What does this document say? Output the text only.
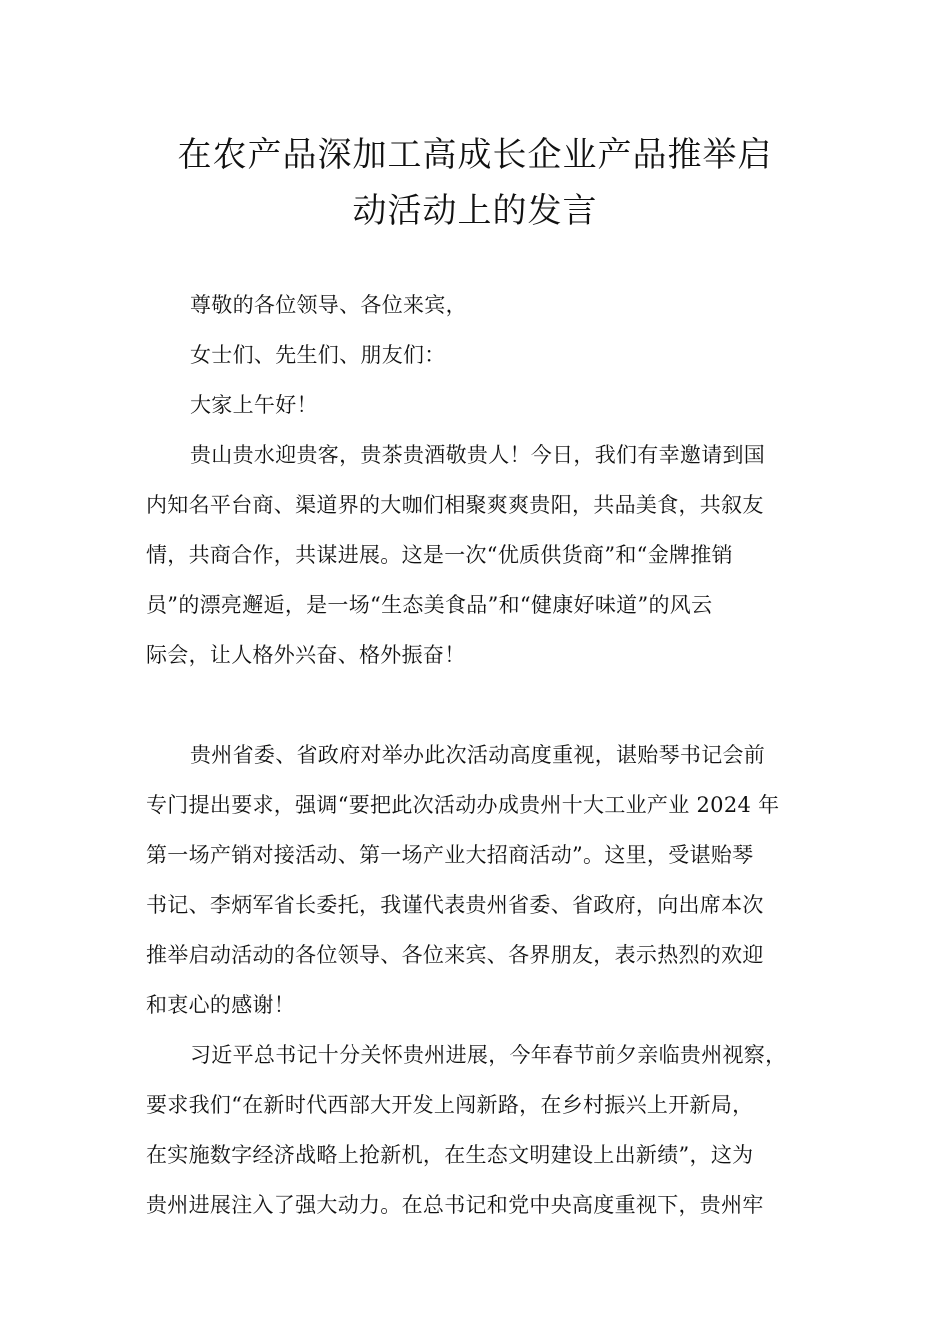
在农产品深加工高成长企业产品推举启
动活动上的发言
尊敬的各位领导、各位来宾，
女士们、先生们、朋友们：
大家上午好！
贵山贵水迎贵客，贵茶贵酒敬贵人！今日，我们有幸邀请到国
内知名平台商、渠道界的大咖们相聚爽爽贵阳，共品美食，共叙友
情，共商合作，共谋进展。这是一次“优质供货商”和“金牌推销
员”的漂亮邂逅，是一场“生态美食品”和“健康好味道”的风云
际会，让人格外兴奋、格外振奋！
贵州省委、省政府对举办此次活动高度重视，谌贻琴书记会前
专门提出要求，强调“要把此次活动办成贵州十大工业产业 2024 年
第一场产销对接活动、第一场产业大招商活动”。这里，受谌贻琴
书记、李炳军省长委托，我谨代表贵州省委、省政府，向出席本次
推举启动活动的各位领导、各位来宾、各界朋友，表示热烈的欢迎
和衷心的感谢！
习近平总书记十分关怀贵州进展，今年春节前夕亲临贵州视察，
要求我们“在新时代西部大开发上闯新路，在乡村振兴上开新局，
在实施数字经济战略上抢新机，在生态文明建设上出新绩”，这为
贵州进展注入了强大动力。在总书记和党中央高度重视下，贵州牢
